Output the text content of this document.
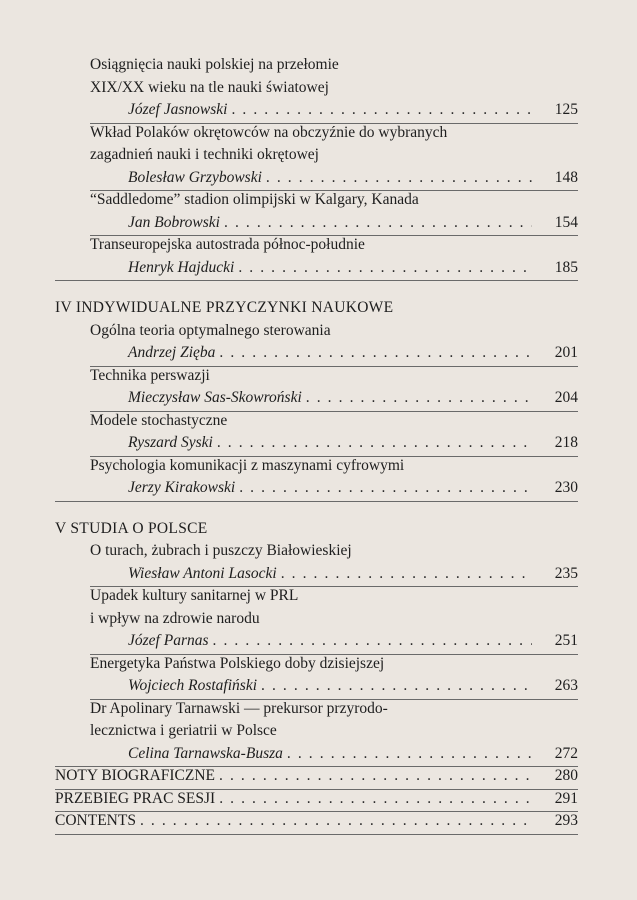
Osiągnięcia nauki polskiej na przełomie
XIX/XX wieku na tle nauki światowej
Józef Jasnowski . . .	125
Wkład Polaków okrętowców na obczyźnie do wybranych
zagadnień nauki i techniki okrętowej
Bolesław Grzybowski . . .	148
“Saddledome” stadion olimpijski w Kalgary, Kanada
Jan Bobrowski . . .	154
Transeuropejska autostrada północ-południe
Henryk Hajducki . . .	185
IV INDYWIDUALNE PRZYCZYNKI NAUKOWE
Ogólna teoria optymalnego sterowania
Andrzej Zięba . . .	201
Technika perswazji
Mieczysław Sas-Skowroński . . .	204
Modele stochastyczne
Ryszard Syski . . .	218
Psychologia komunikacji z maszynami cyfrowymi
Jerzy Kirakowski . . .	230
V STUDIA O POLSCE
O turach, żubrach i puszczy Białowieskiej
Wiesław Antoni Lasocki . . .	235
Upadek kultury sanitarnej w PRL
i wpływ na zdrowie narodu
Józef Parnas . . .	251
Energetyka Państwa Polskiego doby dzisiejszej
Wojciech Rostafiński . . .	263
Dr Apolinary Tarnawski — prekursor przyrodo-
lecznictwa i geriatrii w Polsce
Celina Tarnawska-Busza . . .	272
NOTY BIOGRAFICZNE . . .	280
PRZEBIEG PRAC SESJI . . .	291
CONTENTS . . .	293
